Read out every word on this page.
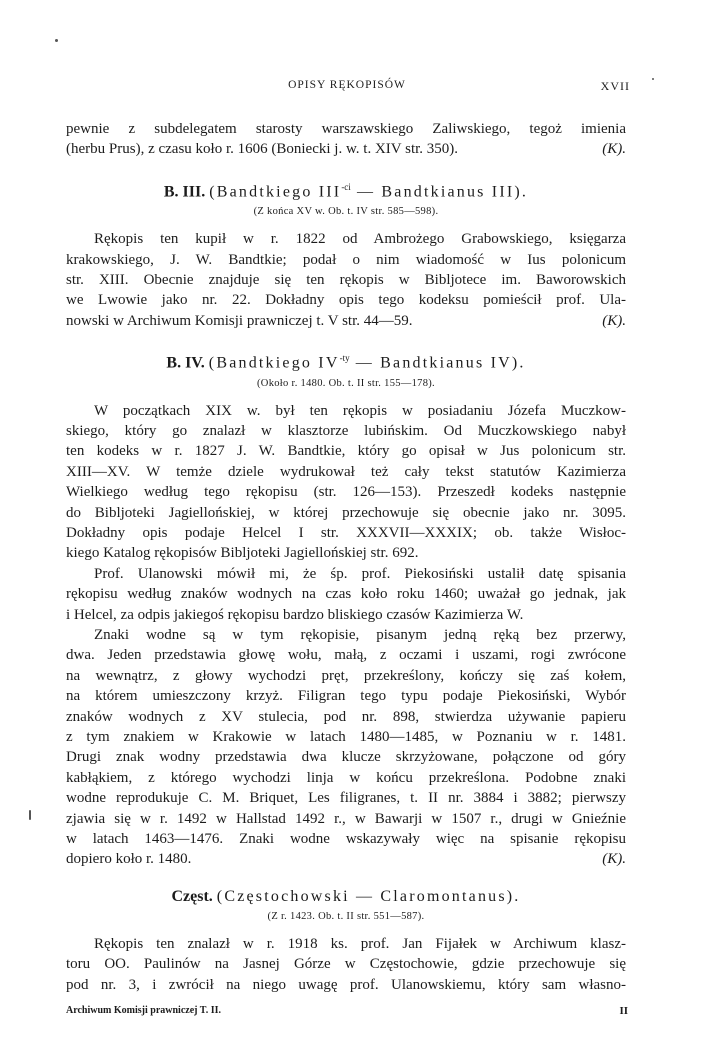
OPISY RĘKOPISÓW	XVII

pewnie z subdelegatem starosty warszawskiego Zaliwskiego, tegoż imienia

(herbu Prus), z czasu koło r. 1606 (Boniecki j. w. t. XIV str. 350).	(K).

B. III. (Bandtkiego $III^{-ci}$ — Bandtkianus III).
(Z końca XV w. Ob. t. IV str. 585—598).

Rękopis ten kupił w r. 1822 od Ambrożego Grabowskiego, księgarza

krakowskiego, J. W. Bandtkie; podał o nim wiadomość w Ius polonicum

str. XIII. Obecnie znajduje się ten rękopis w Bibljotece im. Baworowskich

we Lwowie jako nr. 22. Dokładny opis tego kodeksu pomieścił prof. Ula-

nowski w Archiwum Komisji prawniczej t. V str. 44—59.	(K).

B. IV. (Bandtkiego $IV^{-ty}$ — Bandtkianus IV).
(Około r. 1480. Ob. t. II str. 155—178).

W początkach XIX w. był ten rękopis w posiadaniu Józefa Muczkow-

skiego, który go znalazł w klasztorze lubińskim. Od Muczkowskiego nabył

ten kodeks w r. 1827 J. W. Bandtkie, który go opisał w Jus polonicum str.

XIII—XV. W temże dziele wydrukował też cały tekst statutów Kazimierza

Wielkiego według tego rękopisu (str. 126—153). Przeszedł kodeks następnie

do Bibljoteki Jagiellońskiej, w której przechowuje się obecnie jako nr. 3095.

Dokładny opis podaje Helcel I str. XXXVII—XXXIX; ob. także Wisłoc-

kiego Katalog rękopisów Bibljoteki Jagiellońskiej str. 692.

Prof. Ulanowski mówił mi, że śp. prof. Piekosiński ustalił datę spisania

rękopisu według znaków wodnych na czas koło roku 1460; uważał go jednak, jak

i Helcel, za odpis jakiegoś rękopisu bardzo bliskiego czasów Kazimierza W.

Znaki wodne są w tym rękopisie, pisanym jedną ręką bez przerwy,

dwa. Jeden przedstawia głowę wołu, małą, z oczami i uszami, rogi zwrócone

na wewnątrz, z głowy wychodzi pręt, przekreślony, kończy się zaś kołem,

na którem umieszczony krzyż. Filigran tego typu podaje Piekosiński, Wybór

znaków wodnych z XV stulecia, pod nr. 898, stwierdza używanie papieru

z tym znakiem w Krakowie w latach 1480—1485, w Poznaniu w r. 1481.

Drugi znak wodny przedstawia dwa klucze skrzyżowane, połączone od góry

kabłąkiem, z którego wychodzi linja w końcu przekreślona. Podobne znaki

wodne reprodukuje C. M. Briquet, Les filigranes, t. II nr. 3884 i 3882; pierwszy

zjawia się w r. 1492 w Hallstad 1492 r., w Bawarji w 1507 r., drugi w Gnieźnie

w latach 1463—1476. Znaki wodne wskazywały więc na spisanie rękopisu

dopiero koło r. 1480.	(K).

Częst. (Częstochowski — Claromontanus).
(Z r. 1423. Ob. t. II str. 551—587).

Rękopis ten znalazł w r. 1918 ks. prof. Jan Fijałek w Archiwum klasz-

toru OO. Paulinów na Jasnej Górze w Częstochowie, gdzie przechowuje się

pod nr. 3, i zwrócił na niego uwagę prof. Ulanowskiemu, który sam własno-

Archiwum Komisji prawniczej T. II.	II
